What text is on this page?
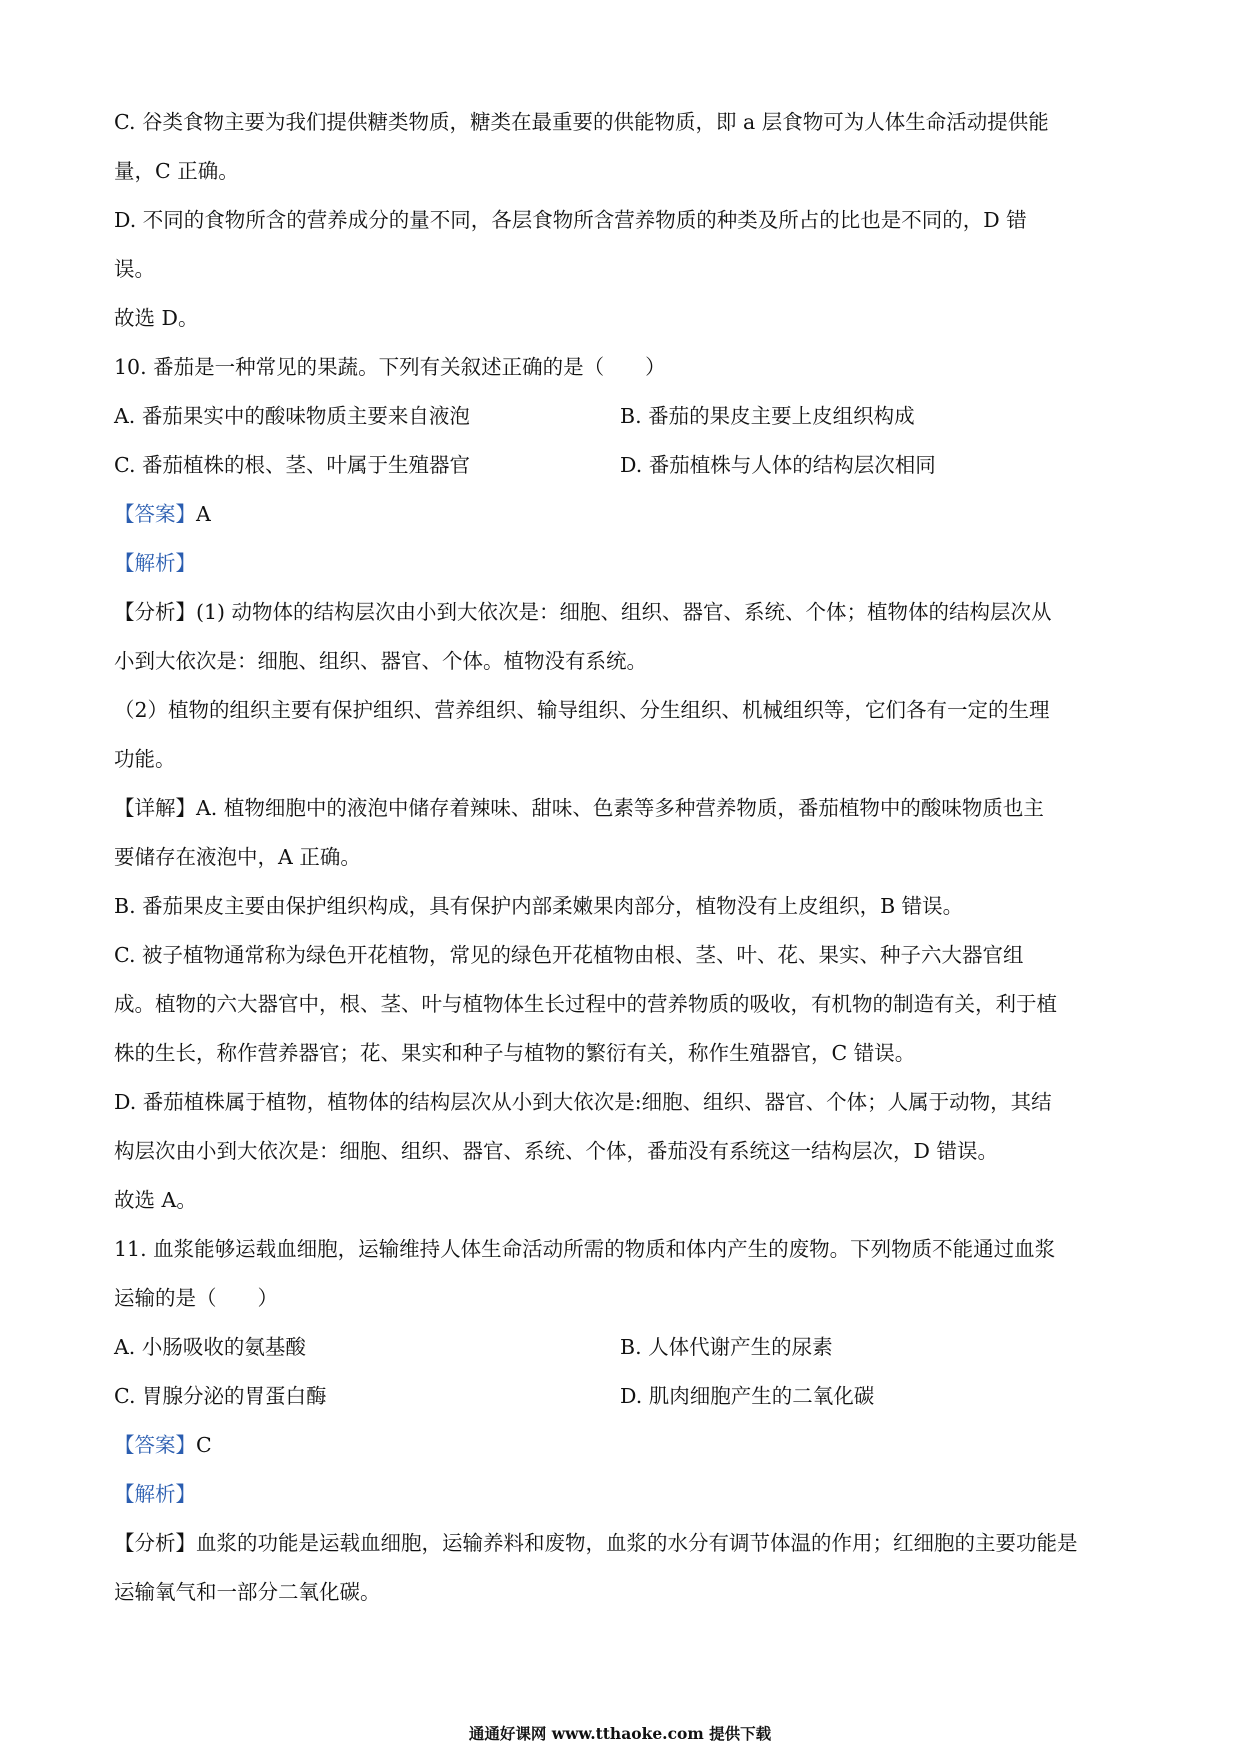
C. 谷类食物主要为我们提供糖类物质，糖类在最重要的供能物质，即 a 层食物可为人体生命活动提供能
量，C 正确。
D. 不同的食物所含的营养成分的量不同，各层食物所含营养物质的种类及所占的比也是不同的，D 错
误。
故选 D。
10. 番茄是一种常见的果蔬。下列有关叙述正确的是（　　）
A. 番茄果实中的酸味物质主要来自液泡	B. 番茄的果皮主要上皮组织构成
C. 番茄植株的根、茎、叶属于生殖器官	D. 番茄植株与人体的结构层次相同
【答案】A
【解析】
【分析】(1) 动物体的结构层次由小到大依次是：细胞、组织、器官、系统、个体；植物体的结构层次从
小到大依次是：细胞、组织、器官、个体。植物没有系统。
（2）植物的组织主要有保护组织、营养组织、输导组织、分生组织、机械组织等，它们各有一定的生理
功能。
【详解】A. 植物细胞中的液泡中储存着辣味、甜味、色素等多种营养物质，番茄植物中的酸味物质也主
要储存在液泡中，A 正确。
B. 番茄果皮主要由保护组织构成，具有保护内部柔嫩果肉部分，植物没有上皮组织，B 错误。
C. 被子植物通常称为绿色开花植物，常见的绿色开花植物由根、茎、叶、花、果实、种子六大器官组
成。植物的六大器官中，根、茎、叶与植物体生长过程中的营养物质的吸收，有机物的制造有关，利于植
株的生长，称作营养器官；花、果实和种子与植物的繁衍有关，称作生殖器官，C 错误。
D. 番茄植株属于植物，植物体的结构层次从小到大依次是:细胞、组织、器官、个体；人属于动物，其结
构层次由小到大依次是：细胞、组织、器官、系统、个体，番茄没有系统这一结构层次，D 错误。
故选 A。
11. 血浆能够运载血细胞，运输维持人体生命活动所需的物质和体内产生的废物。下列物质不能通过血浆
运输的是（　　）
A. 小肠吸收的氨基酸	B. 人体代谢产生的尿素
C. 胃腺分泌的胃蛋白酶	D. 肌肉细胞产生的二氧化碳
【答案】C
【解析】
【分析】血浆的功能是运载血细胞，运输养料和废物，血浆的水分有调节体温的作用；红细胞的主要功能是
运输氧气和一部分二氧化碳。
通通好课网 www.tthaoke.com 提供下载
